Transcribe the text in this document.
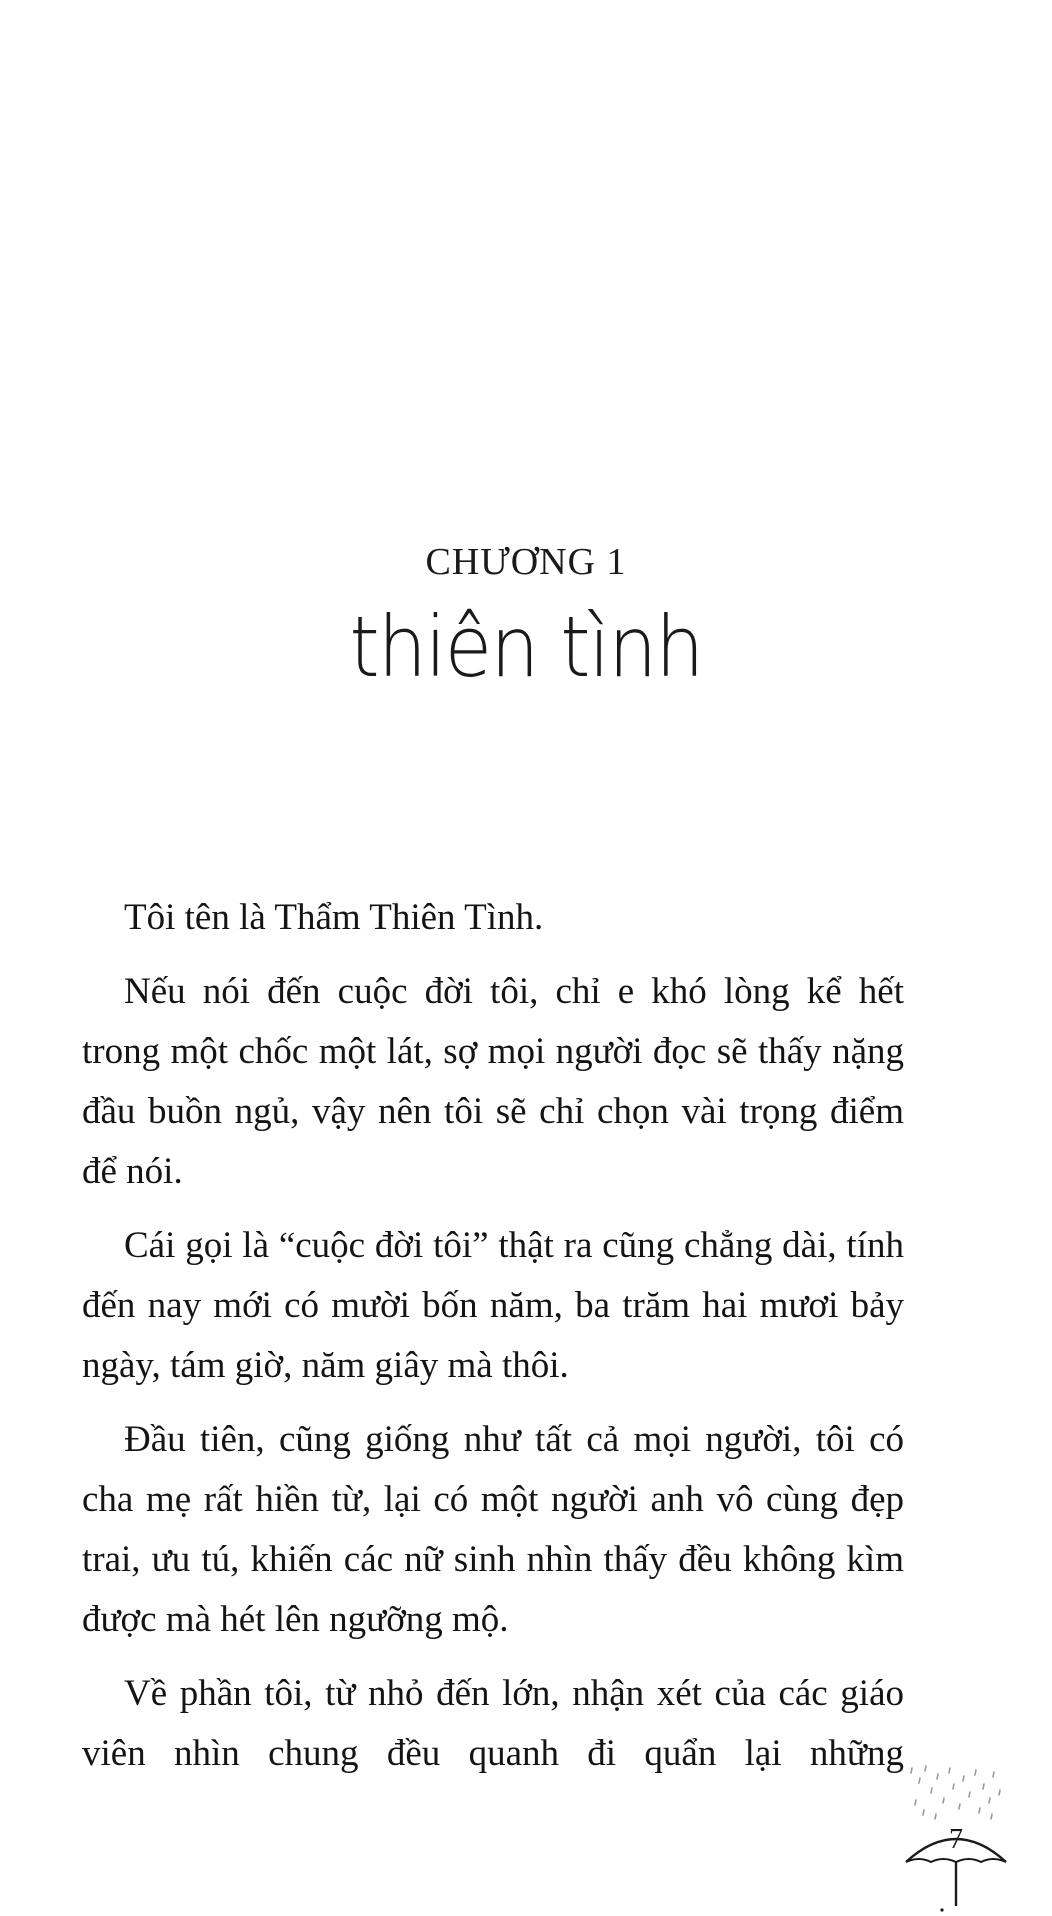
CHƯƠNG 1
thiên tình

Tôi tên là Thẩm Thiên Tình.

Nếu nói đến cuộc đời tôi, chỉ e khó lòng kể hết trong một chốc một lát, sợ mọi người đọc sẽ thấy nặng đầu buồn ngủ, vậy nên tôi sẽ chỉ chọn vài trọng điểm để nói.

Cái gọi là “cuộc đời tôi” thật ra cũng chẳng dài, tính đến nay mới có mười bốn năm, ba trăm hai mươi bảy ngày, tám giờ, năm giây mà thôi.

Đầu tiên, cũng giống như tất cả mọi người, tôi có cha mẹ rất hiền từ, lại có một người anh vô cùng đẹp trai, ưu tú, khiến các nữ sinh nhìn thấy đều không kìm được mà hét lên ngưỡng mộ.

Về phần tôi, từ nhỏ đến lớn, nhận xét của các giáo viên nhìn chung đều quanh đi quẩn lại những

7
